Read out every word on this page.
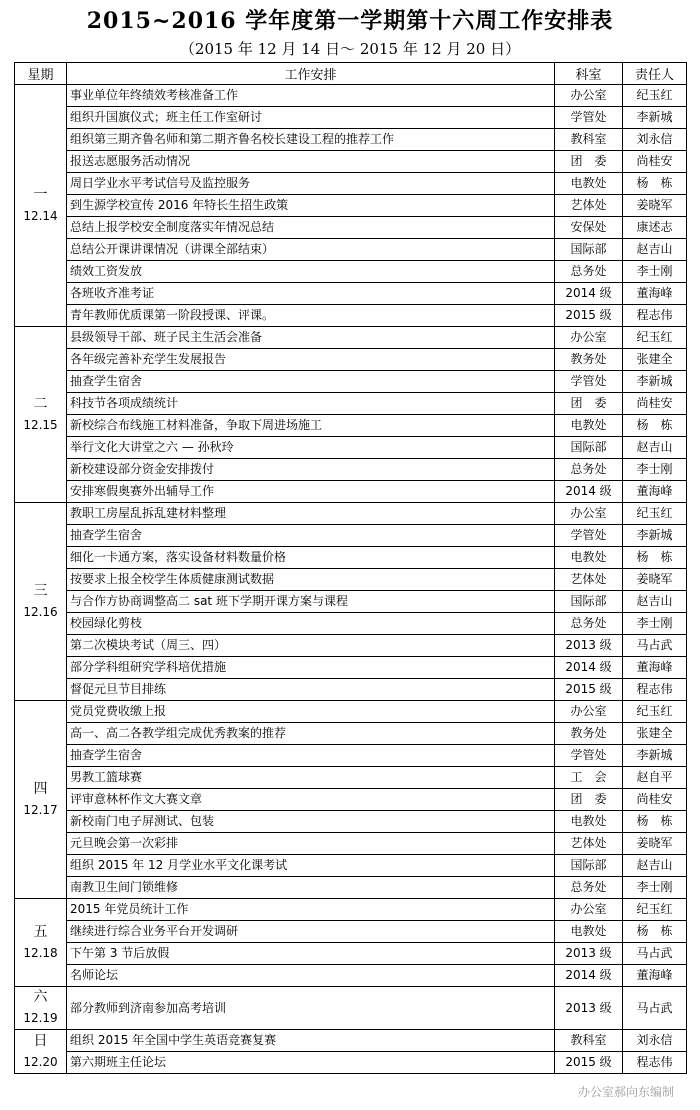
2015~2016 学年度第一学期第十六周工作安排表
（2015 年 12 月 14 日～ 2015 年 12 月 20 日）
星期	工作安排	科室	责任人

一
12.14	事业单位年终绩效考核准备工作	办公室	纪玉红
	组织升国旗仪式；班主任工作室研讨	学管处	李新城
	组织第三期齐鲁名师和第二期齐鲁名校长建设工程的推荐工作	教科室	刘永信
	报送志愿服务活动情况	团　委	尚桂安
	周日学业水平考试信号及监控服务	电教处	杨　栋
	到生源学校宣传 2016 年特长生招生政策	艺体处	姜晓军
	总结上报学校安全制度落实年情况总结	安保处	康述志
	总结公开课讲课情况（讲课全部结束）	国际部	赵吉山
	绩效工资发放	总务处	李士刚
	各班收齐准考证	2014 级	董海峰
	青年教师优质课第一阶段授课、评课。	2015 级	程志伟

二
12.15	县级领导干部、班子民主生活会准备	办公室	纪玉红
	各年级完善补充学生发展报告	教务处	张建全
	抽查学生宿舍	学管处	李新城
	科技节各项成绩统计	团　委	尚桂安
	新校综合布线施工材料准备，争取下周进场施工	电教处	杨　栋
	举行文化大讲堂之六 — 孙秋玲	国际部	赵吉山
	新校建设部分资金安排拨付	总务处	李士刚
	安排寒假奥赛外出辅导工作	2014 级	董海峰

三
12.16	教职工房屋乱拆乱建材料整理	办公室	纪玉红
	抽查学生宿舍	学管处	李新城
	细化一卡通方案，落实设备材料数量价格	电教处	杨　栋
	按要求上报全校学生体质健康测试数据	艺体处	姜晓军
	与合作方协商调整高二 sat 班下学期开课方案与课程	国际部	赵吉山
	校园绿化剪枝	总务处	李士刚
	第二次模块考试（周三、四）	2013 级	马占武
	部分学科组研究学科培优措施	2014 级	董海峰
	督促元旦节目排练	2015 级	程志伟

四
12.17	党员党费收缴上报	办公室	纪玉红
	高一、高二各教学组完成优秀教案的推荐	教务处	张建全
	抽查学生宿舍	学管处	李新城
	男教工篮球赛	工　会	赵自平
	评审意林杯作文大赛文章	团　委	尚桂安
	新校南门电子屏测试、包装	电教处	杨　栋
	元旦晚会第一次彩排	艺体处	姜晓军
	组织 2015 年 12 月学业水平文化课考试	国际部	赵吉山
	南教卫生间门锁维修	总务处	李士刚

五
12.18	2015 年党员统计工作	办公室	纪玉红
	继续进行综合业务平台开发调研	电教处	杨　栋
	下午第 3 节后放假	2013 级	马占武
	名师论坛	2014 级	董海峰

六
12.19	部分教师到济南参加高考培训	2013 级	马占武

日
12.20	组织 2015 年全国中学生英语竞赛复赛	教科室	刘永信
	第六期班主任论坛	2015 级	程志伟
办公室郝向东编制
